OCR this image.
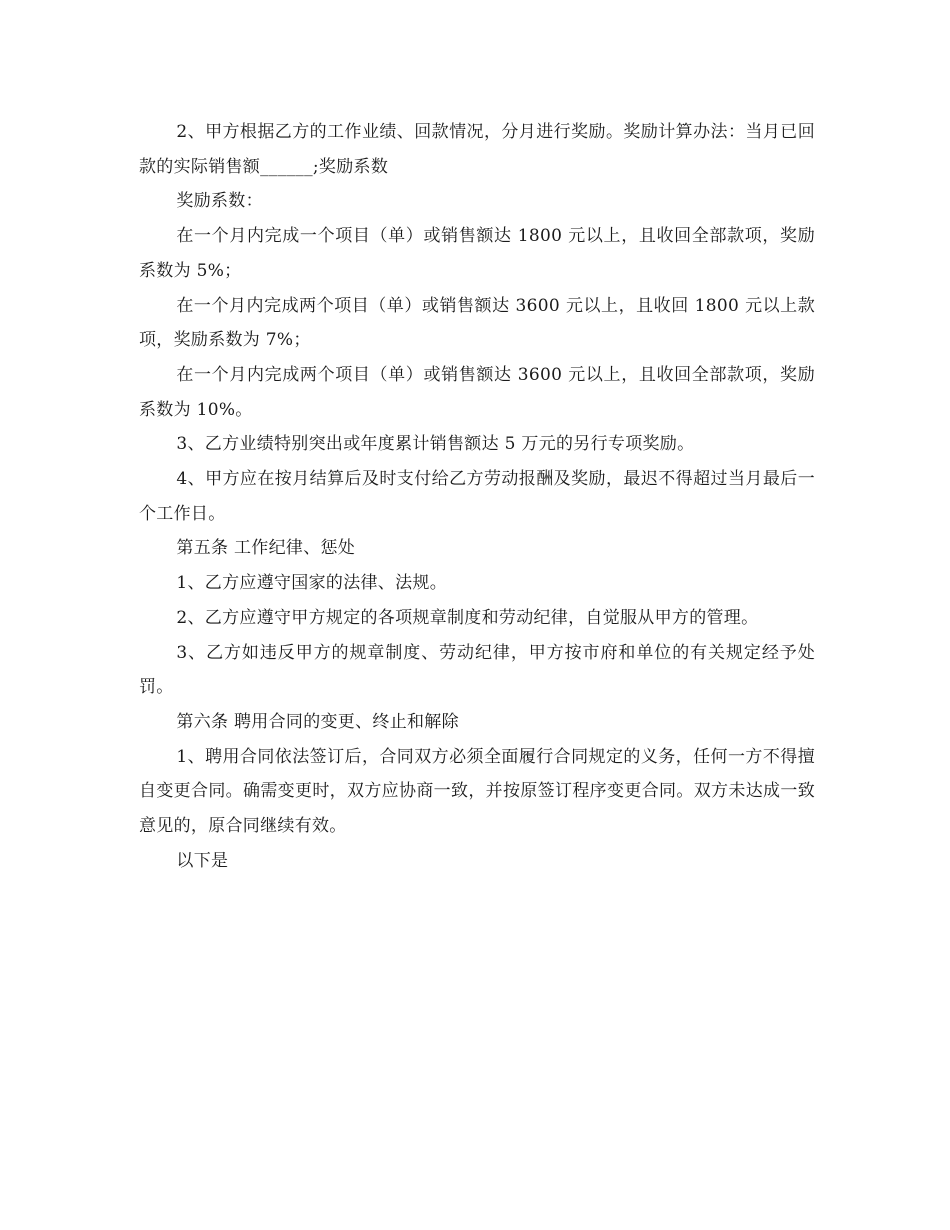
2、甲方根据乙方的工作业绩、回款情况，分月进行奖励。奖励计算办法：当月已回款的实际销售额______;奖励系数

奖励系数：

在一个月内完成一个项目（单）或销售额达 1800 元以上，且收回全部款项，奖励系数为 5%；

在一个月内完成两个项目（单）或销售额达 3600 元以上，且收回 1800 元以上款项，奖励系数为 7%；

在一个月内完成两个项目（单）或销售额达 3600 元以上，且收回全部款项，奖励系数为 10%。

3、乙方业绩特别突出或年度累计销售额达 5 万元的另行专项奖励。

4、甲方应在按月结算后及时支付给乙方劳动报酬及奖励，最迟不得超过当月最后一个工作日。

第五条 工作纪律、惩处

1、乙方应遵守国家的法律、法规。

2、乙方应遵守甲方规定的各项规章制度和劳动纪律，自觉服从甲方的管理。

3、乙方如违反甲方的规章制度、劳动纪律，甲方按市府和单位的有关规定经予处罚。

第六条 聘用合同的变更、终止和解除

1、聘用合同依法签订后，合同双方必须全面履行合同规定的义务，任何一方不得擅自变更合同。确需变更时，双方应协商一致，并按原签订程序变更合同。双方未达成一致意见的，原合同继续有效。

以下是
